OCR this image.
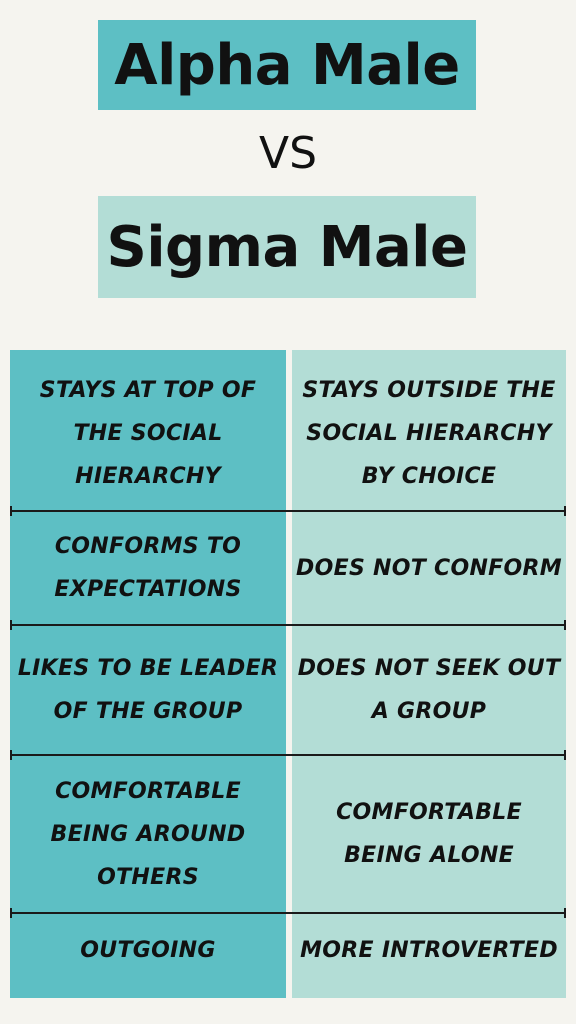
Alpha Male
VS
Sigma Male
STAYS AT TOP OF THE SOCIAL HIERARCHY
STAYS OUTSIDE THE SOCIAL HIERARCHY BY CHOICE
CONFORMS TO EXPECTATIONS
DOES NOT CONFORM
LIKES TO BE LEADER OF THE GROUP
DOES NOT SEEK OUT A GROUP
COMFORTABLE BEING AROUND OTHERS
COMFORTABLE BEING ALONE
OUTGOING	MORE INTROVERTED
